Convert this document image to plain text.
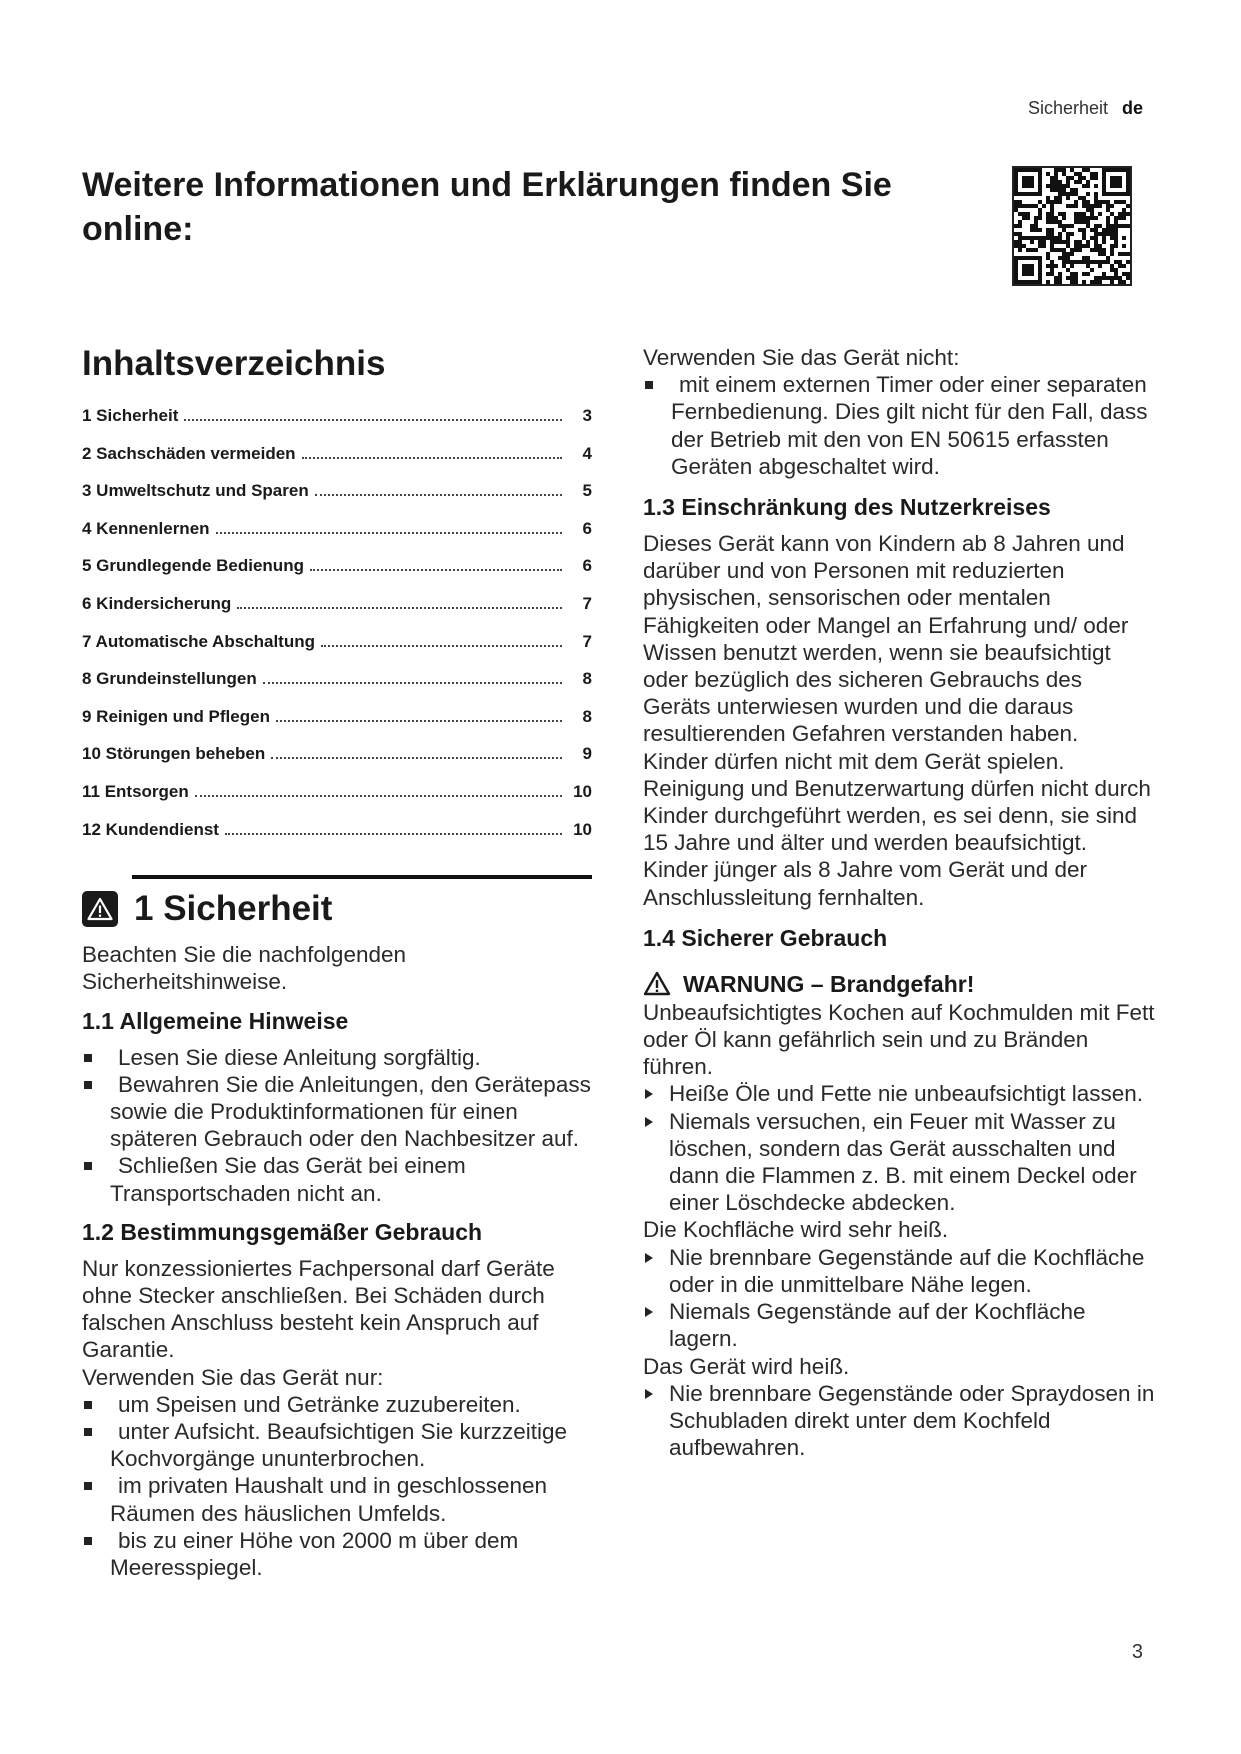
Sicherheit de
Weitere Informationen und Erklärungen finden Sie online:
Inhaltsverzeichnis
1 Sicherheit	3
2 Sachschäden vermeiden	4
3 Umweltschutz und Sparen	5
4 Kennenlernen	6
5 Grundlegende Bedienung	6
6 Kindersicherung	7
7 Automatische Abschaltung	7
8 Grundeinstellungen	8
9 Reinigen und Pflegen	8
10 Störungen beheben	9
11 Entsorgen	10
12 Kundendienst	10
1 Sicherheit

Beachten Sie die nachfolgenden Sicherheitshinweise.

1.1 Allgemeine Hinweise
Lesen Sie diese Anleitung sorgfältig.
Bewahren Sie die Anleitungen, den Gerätepass sowie die Produktinformationen für einen späteren Gebrauch oder den Nachbesitzer auf.
Schließen Sie das Gerät bei einem Transportschaden nicht an.
1.2 Bestimmungsgemäßer Gebrauch

Nur konzessioniertes Fachpersonal darf Geräte ohne Stecker anschließen. Bei Schäden durch falschen Anschluss besteht kein Anspruch auf Garantie.

Verwenden Sie das Gerät nur:

um Speisen und Getränke zuzubereiten.
unter Aufsicht. Beaufsichtigen Sie kurzzeitige Kochvorgänge ununterbrochen.
im privaten Haushalt und in geschlossenen Räumen des häuslichen Umfelds.
bis zu einer Höhe von 2000 m über dem Meeresspiegel.

Verwenden Sie das Gerät nicht:

mit einem externen Timer oder einer separaten Fernbedienung. Dies gilt nicht für den Fall, dass der Betrieb mit den von EN 50615 erfassten Geräten abgeschaltet wird.
1.3 Einschränkung des Nutzerkreises

Dieses Gerät kann von Kindern ab 8 Jahren und darüber und von Personen mit reduzierten physischen, sensorischen oder mentalen Fähigkeiten oder Mangel an Erfahrung und/ oder Wissen benutzt werden, wenn sie beaufsichtigt oder bezüglich des sicheren Gebrauchs des Geräts unterwiesen wurden und die daraus resultierenden Gefahren verstanden haben.

Kinder dürfen nicht mit dem Gerät spielen.

Reinigung und Benutzerwartung dürfen nicht durch Kinder durchgeführt werden, es sei denn, sie sind 15 Jahre und älter und werden beaufsichtigt.

Kinder jünger als 8 Jahre vom Gerät und der Anschlussleitung fernhalten.

1.4 Sicherer Gebrauch
WARNUNG – Brandgefahr!

Unbeaufsichtigtes Kochen auf Kochmulden mit Fett oder Öl kann gefährlich sein und zu Bränden führen.

Heiße Öle und Fette nie unbeaufsichtigt lassen.
Niemals versuchen, ein Feuer mit Wasser zu löschen, sondern das Gerät ausschalten und dann die Flammen z. B. mit einem Deckel oder einer Löschdecke abdecken.

Die Kochfläche wird sehr heiß.

Nie brennbare Gegenstände auf die Kochfläche oder in die unmittelbare Nähe legen.
Niemals Gegenstände auf der Kochfläche lagern.

Das Gerät wird heiß.

Nie brennbare Gegenstände oder Spraydosen in Schubladen direkt unter dem Kochfeld aufbewahren.
3
